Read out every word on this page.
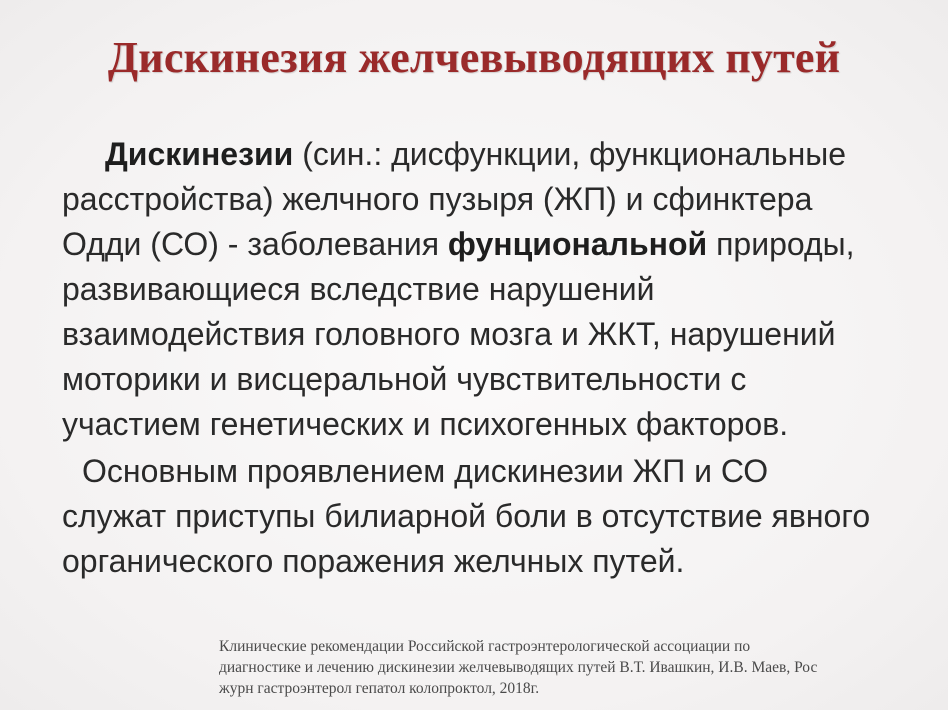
Дискинезия желчевыводящих путей
Дискинезии (син.: дисфункции, функциональные
расстройства) желчного пузыря (ЖП) и сфинктера
Одди (СО) - заболевания фунциональной природы,
развивающиеся вследствие нарушений
взаимодействия головного мозга и ЖКТ, нарушений
моторики и висцеральной чувствительности с
участием генетических и психогенных факторов.
Основным проявлением дискинезии ЖП и СО
служат приступы билиарной боли в отсутствие явного
органического поражения желчных путей.
Клинические рекомендации Российской гастроэнтерологической ассоциации по
диагностике и лечению дискинезии желчевыводящих путей В.Т. Ивашкин, И.В. Маев, Рос
журн гастроэнтерол гепатол колопроктол, 2018г.
